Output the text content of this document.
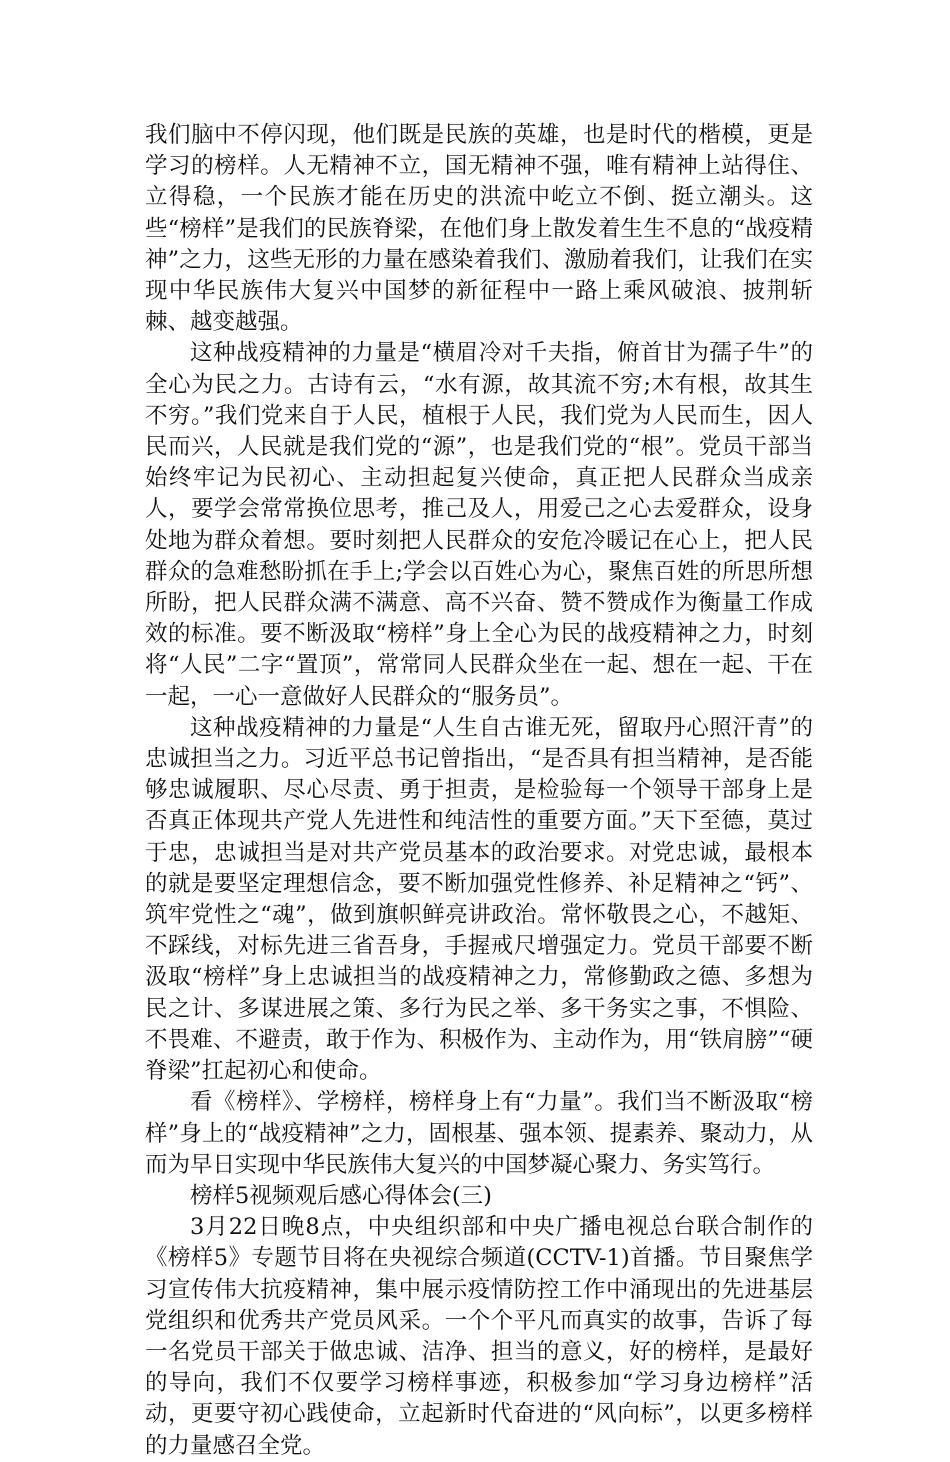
我们脑中不停闪现，他们既是民族的英雄，也是时代的楷模，更是学习的榜样。人无精神不立，国无精神不强，唯有精神上站得住、立得稳，一个民族才能在历史的洪流中屹立不倒、挺立潮头。这些“榜样”是我们的民族脊梁，在他们身上散发着生生不息的“战疫精神”之力，这些无形的力量在感染着我们、激励着我们，让我们在实现中华民族伟大复兴中国梦的新征程中一路上乘风破浪、披荆斩棘、越变越强。

这种战疫精神的力量是“横眉冷对千夫指，俯首甘为孺子牛”的全心为民之力。古诗有云，“水有源，故其流不穷;木有根，故其生不穷。”我们党来自于人民，植根于人民，我们党为人民而生，因人民而兴，人民就是我们党的“源”，也是我们党的“根”。党员干部当始终牢记为民初心、主动担起复兴使命，真正把人民群众当成亲人，要学会常常换位思考，推己及人，用爱己之心去爱群众，设身处地为群众着想。要时刻把人民群众的安危冷暖记在心上，把人民群众的急难愁盼抓在手上;学会以百姓心为心，聚焦百姓的所思所想所盼，把人民群众满不满意、高不兴奋、赞不赞成作为衡量工作成效的标准。要不断汲取“榜样”身上全心为民的战疫精神之力，时刻将“人民”二字“置顶”，常常同人民群众坐在一起、想在一起、干在一起，一心一意做好人民群众的“服务员”。

这种战疫精神的力量是“人生自古谁无死，留取丹心照汗青”的忠诚担当之力。习近平总书记曾指出，“是否具有担当精神，是否能够忠诚履职、尽心尽责、勇于担责，是检验每一个领导干部身上是否真正体现共产党人先进性和纯洁性的重要方面。”天下至德，莫过于忠，忠诚担当是对共产党员基本的政治要求。对党忠诚，最根本的就是要坚定理想信念，要不断加强党性修养、补足精神之“钙”、筑牢党性之“魂”，做到旗帜鲜亮讲政治。常怀敬畏之心，不越矩、不踩线，对标先进三省吾身，手握戒尺增强定力。党员干部要不断汲取“榜样”身上忠诚担当的战疫精神之力，常修勤政之德、多想为民之计、多谋进展之策、多行为民之举、多干务实之事，不惧险、不畏难、不避责，敢于作为、积极作为、主动作为，用“铁肩膀”“硬脊梁”扛起初心和使命。

看《榜样》、学榜样，榜样身上有“力量”。我们当不断汲取“榜样”身上的“战疫精神”之力，固根基、强本领、提素养、聚动力，从而为早日实现中华民族伟大复兴的中国梦凝心聚力、务实笃行。

榜样5视频观后感心得体会(三)

3月22日晚8点，中央组织部和中央广播电视总台联合制作的《榜样5》专题节目将在央视综合频道(CCTV-1)首播。节目聚焦学习宣传伟大抗疫精神，集中展示疫情防控工作中涌现出的先进基层党组织和优秀共产党员风采。一个个平凡而真实的故事，告诉了每一名党员干部关于做忠诚、洁净、担当的意义，好的榜样，是最好的导向，我们不仅要学习榜样事迹，积极参加“学习身边榜样”活动，更要守初心践使命，立起新时代奋进的“风向标”，以更多榜样的力量感召全党。
